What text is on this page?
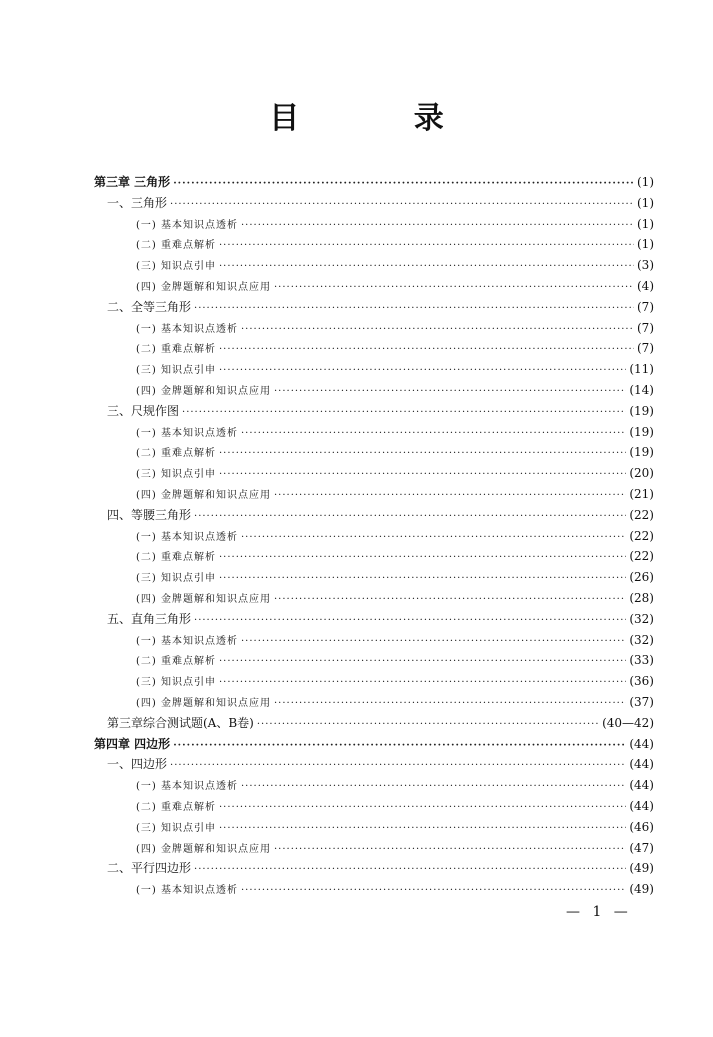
目 录
第三章 三角形 ·····	(1)
一、三角形 ·····	(1)
(一) 基本知识点透析 ·····	(1)
(二) 重难点解析 ·····	(1)
(三) 知识点引申 ·····	(3)
(四) 金牌题解和知识点应用 ·····	(4)
二、全等三角形 ·····	(7)
(一) 基本知识点透析 ·····	(7)
(二) 重难点解析 ·····	(7)
(三) 知识点引申 ·····	(11)
(四) 金牌题解和知识点应用 ·····	(14)
三、尺规作图 ·····	(19)
(一) 基本知识点透析 ·····	(19)
(二) 重难点解析 ·····	(19)
(三) 知识点引申 ·····	(20)
(四) 金牌题解和知识点应用 ·····	(21)
四、等腰三角形 ·····	(22)
(一) 基本知识点透析 ·····	(22)
(二) 重难点解析 ·····	(22)
(三) 知识点引申 ·····	(26)
(四) 金牌题解和知识点应用 ·····	(28)
五、直角三角形 ·····	(32)
(一) 基本知识点透析 ·····	(32)
(二) 重难点解析 ·····	(33)
(三) 知识点引申 ·····	(36)
(四) 金牌题解和知识点应用 ·····	(37)
第三章综合测试题(A、B卷) ·····	(40—42)
第四章 四边形 ·····	(44)
一、四边形 ·····	(44)
(一) 基本知识点透析 ·····	(44)
(二) 重难点解析 ·····	(44)
(三) 知识点引申 ·····	(46)
(四) 金牌题解和知识点应用 ·····	(47)
二、平行四边形 ·····	(49)
(一) 基本知识点透析 ·····	(49)
— 1 —
